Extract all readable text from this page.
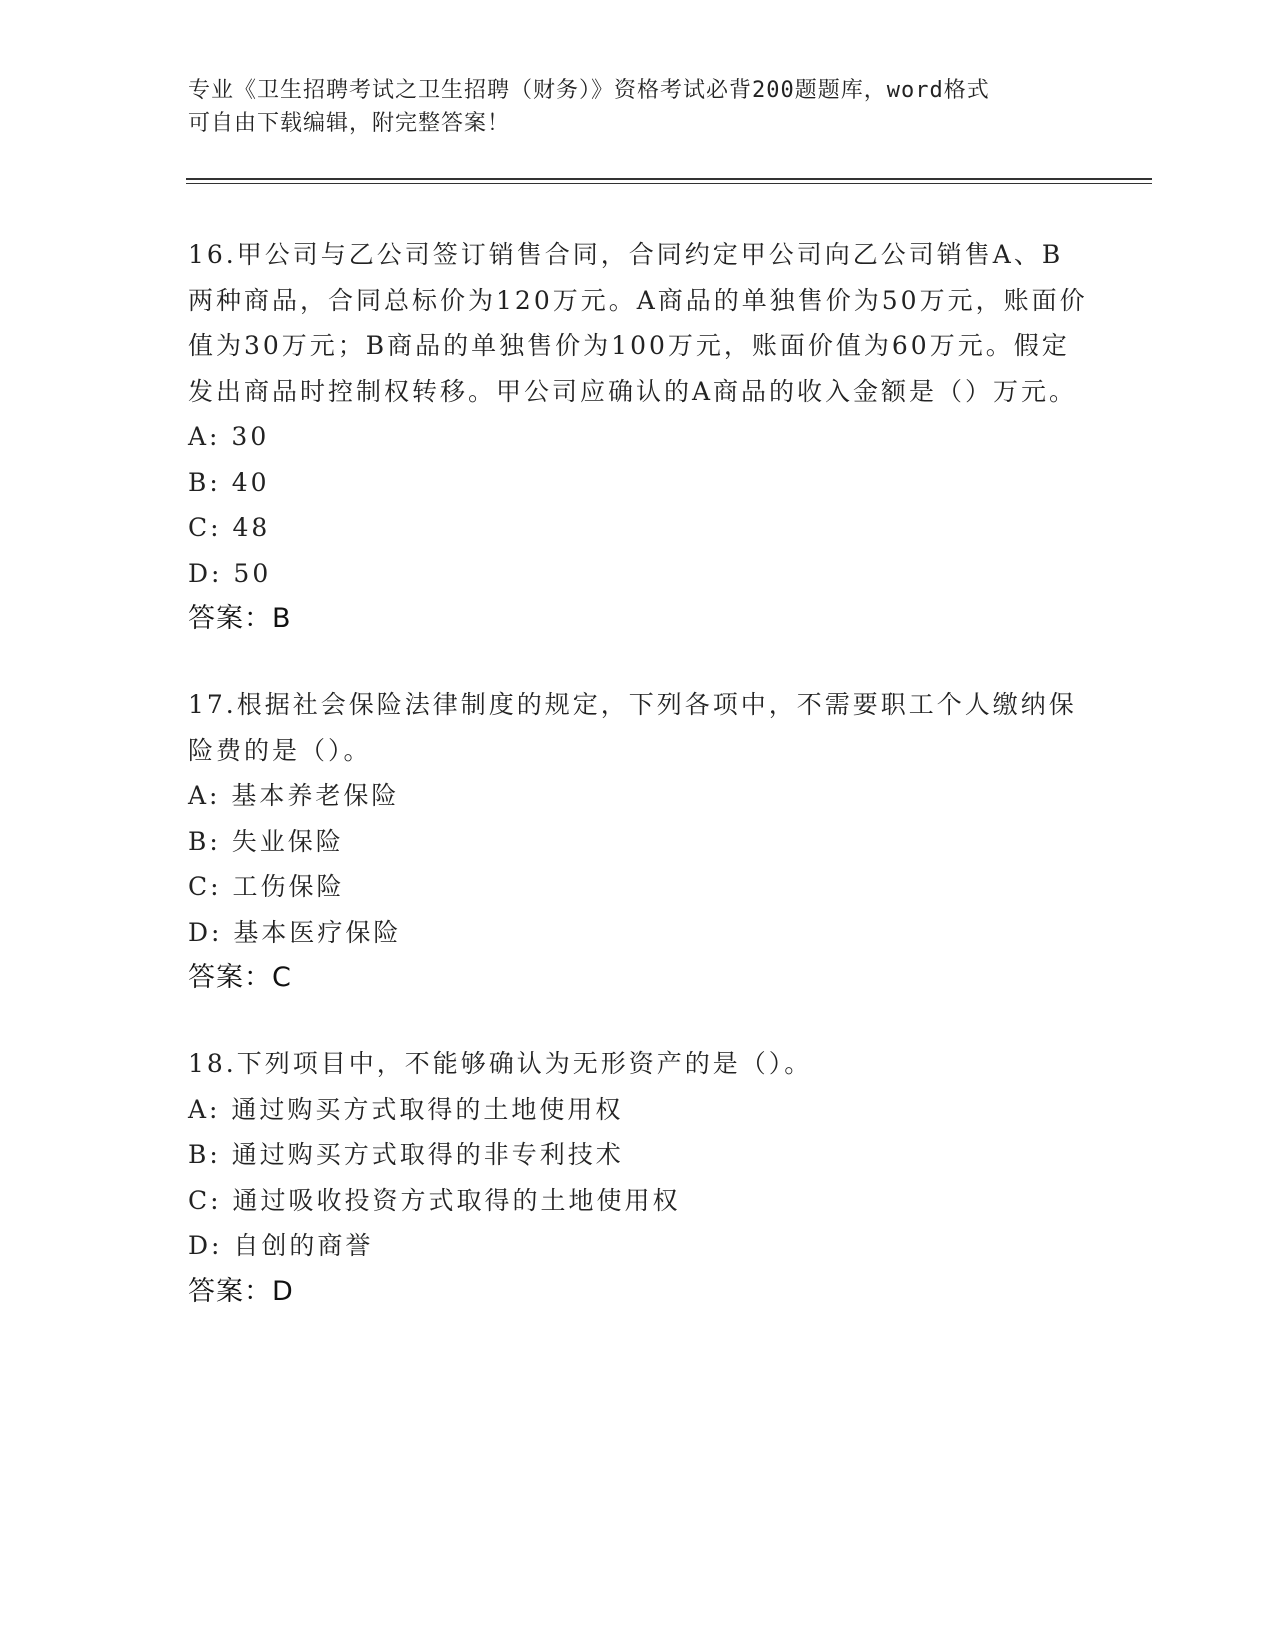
专业《卫生招聘考试之卫生招聘（财务）》资格考试必背200题题库，word格式
可自由下载编辑，附完整答案！
16.甲公司与乙公司签订销售合同，合同约定甲公司向乙公司销售A、B两种商品，合同总标价为120万元。A商品的单独售价为50万元，账面价值为30万元；B商品的单独售价为100万元，账面价值为60万元。假定发出商品时控制权转移。甲公司应确认的A商品的收入金额是（）万元。
A: 30
B: 40
C: 48
D: 50
答案：B
17.根据社会保险法律制度的规定，下列各项中，不需要职工个人缴纳保险费的是（）。
A: 基本养老保险
B: 失业保险
C: 工伤保险
D: 基本医疗保险
答案：C
18.下列项目中，不能够确认为无形资产的是（）。
A: 通过购买方式取得的土地使用权
B: 通过购买方式取得的非专利技术
C: 通过吸收投资方式取得的土地使用权
D: 自创的商誉
答案：D
